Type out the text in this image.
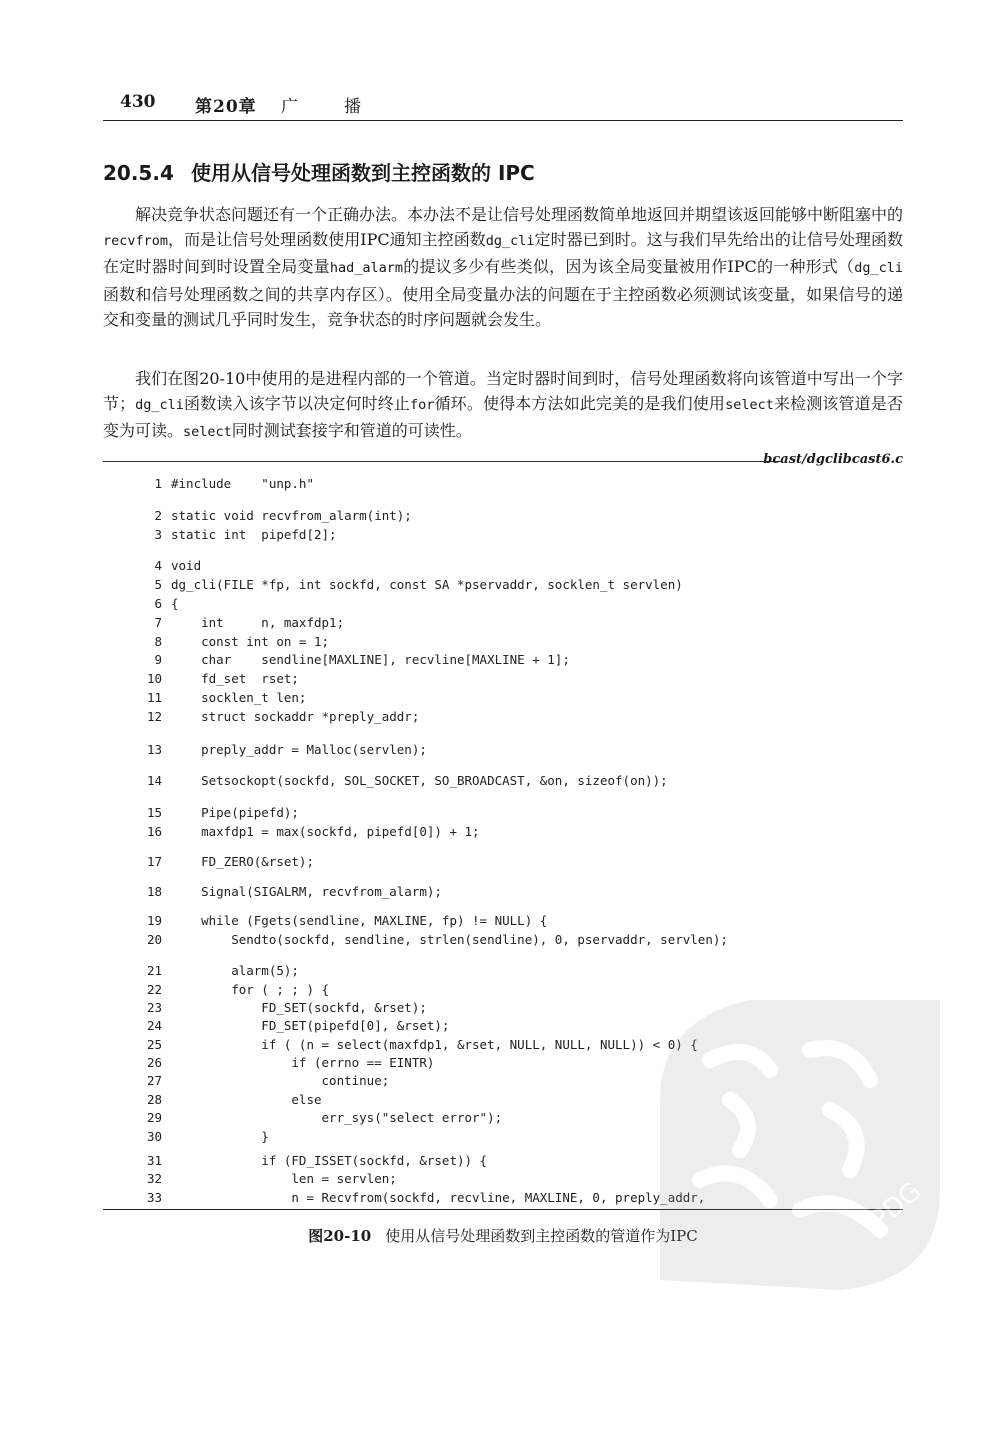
430 第20章 广播
20.5.4 使用从信号处理函数到主控函数的 IPC

解决竞争状态问题还有一个正确办法。本办法不是让信号处理函数简单地返回并期望该返回能够中断阻塞中的recvfrom，而是让信号处理函数使用IPC通知主控函数dg_cli定时器已到时。这与我们早先给出的让信号处理函数在定时器时间到时设置全局变量had_alarm的提议多少有些类似，因为该全局变量被用作IPC的一种形式（dg_cli函数和信号处理函数之间的共享内存区）。使用全局变量办法的问题在于主控函数必须测试该变量，如果信号的递交和变量的测试几乎同时发生，竞争状态的时序问题就会发生。

我们在图20-10中使用的是进程内部的一个管道。当定时器时间到时，信号处理函数将向该管道中写出一个字节；dg_cli函数读入该字节以决定何时终止for循环。使得本方法如此完美的是我们使用select来检测该管道是否变为可读。select同时测试套接字和管道的可读性。

bcast/dgclibcast6.c
1 #include    "unp.h"
2 static void recvfrom_alarm(int);
3 static int  pipefd[2];
4 void
5 dg_cli(FILE *fp, int sockfd, const SA *pservaddr, socklen_t servlen)
6 {
7 int     n, maxfdp1;
8 const int on = 1;
9 char    sendline[MAXLINE], recvline[MAXLINE + 1];
10 fd_set  rset;
11 socklen_t len;
12 struct sockaddr *preply_addr;
13 preply_addr = Malloc(servlen);
14 Setsockopt(sockfd, SOL_SOCKET, SO_BROADCAST, &on, sizeof(on));
15 Pipe(pipefd);
16 maxfdp1 = max(sockfd, pipefd[0]) + 1;
17 FD_ZERO(&rset);
18 Signal(SIGALRM, recvfrom_alarm);
19 while (Fgets(sendline, MAXLINE, fp) != NULL) {
20 Sendto(sockfd, sendline, strlen(sendline), 0, pservaddr, servlen);
21 alarm(5);
22 for ( ; ; ) {
23 FD_SET(sockfd, &rset);
24 FD_SET(pipefd[0], &rset);
25 if ( (n = select(maxfdp1, &rset, NULL, NULL, NULL)) < 0) {
26 if (errno == EINTR)
27 continue;
28 else
29 err_sys("select error");
30 }
31 if (FD_ISSET(sockfd, &rset)) {
32 len = servlen;
33 n = Recvfrom(sockfd, recvline, MAXLINE, 0, preply_addr,
图20-10 使用从信号处理函数到主控函数的管道作为IPC
PDG
